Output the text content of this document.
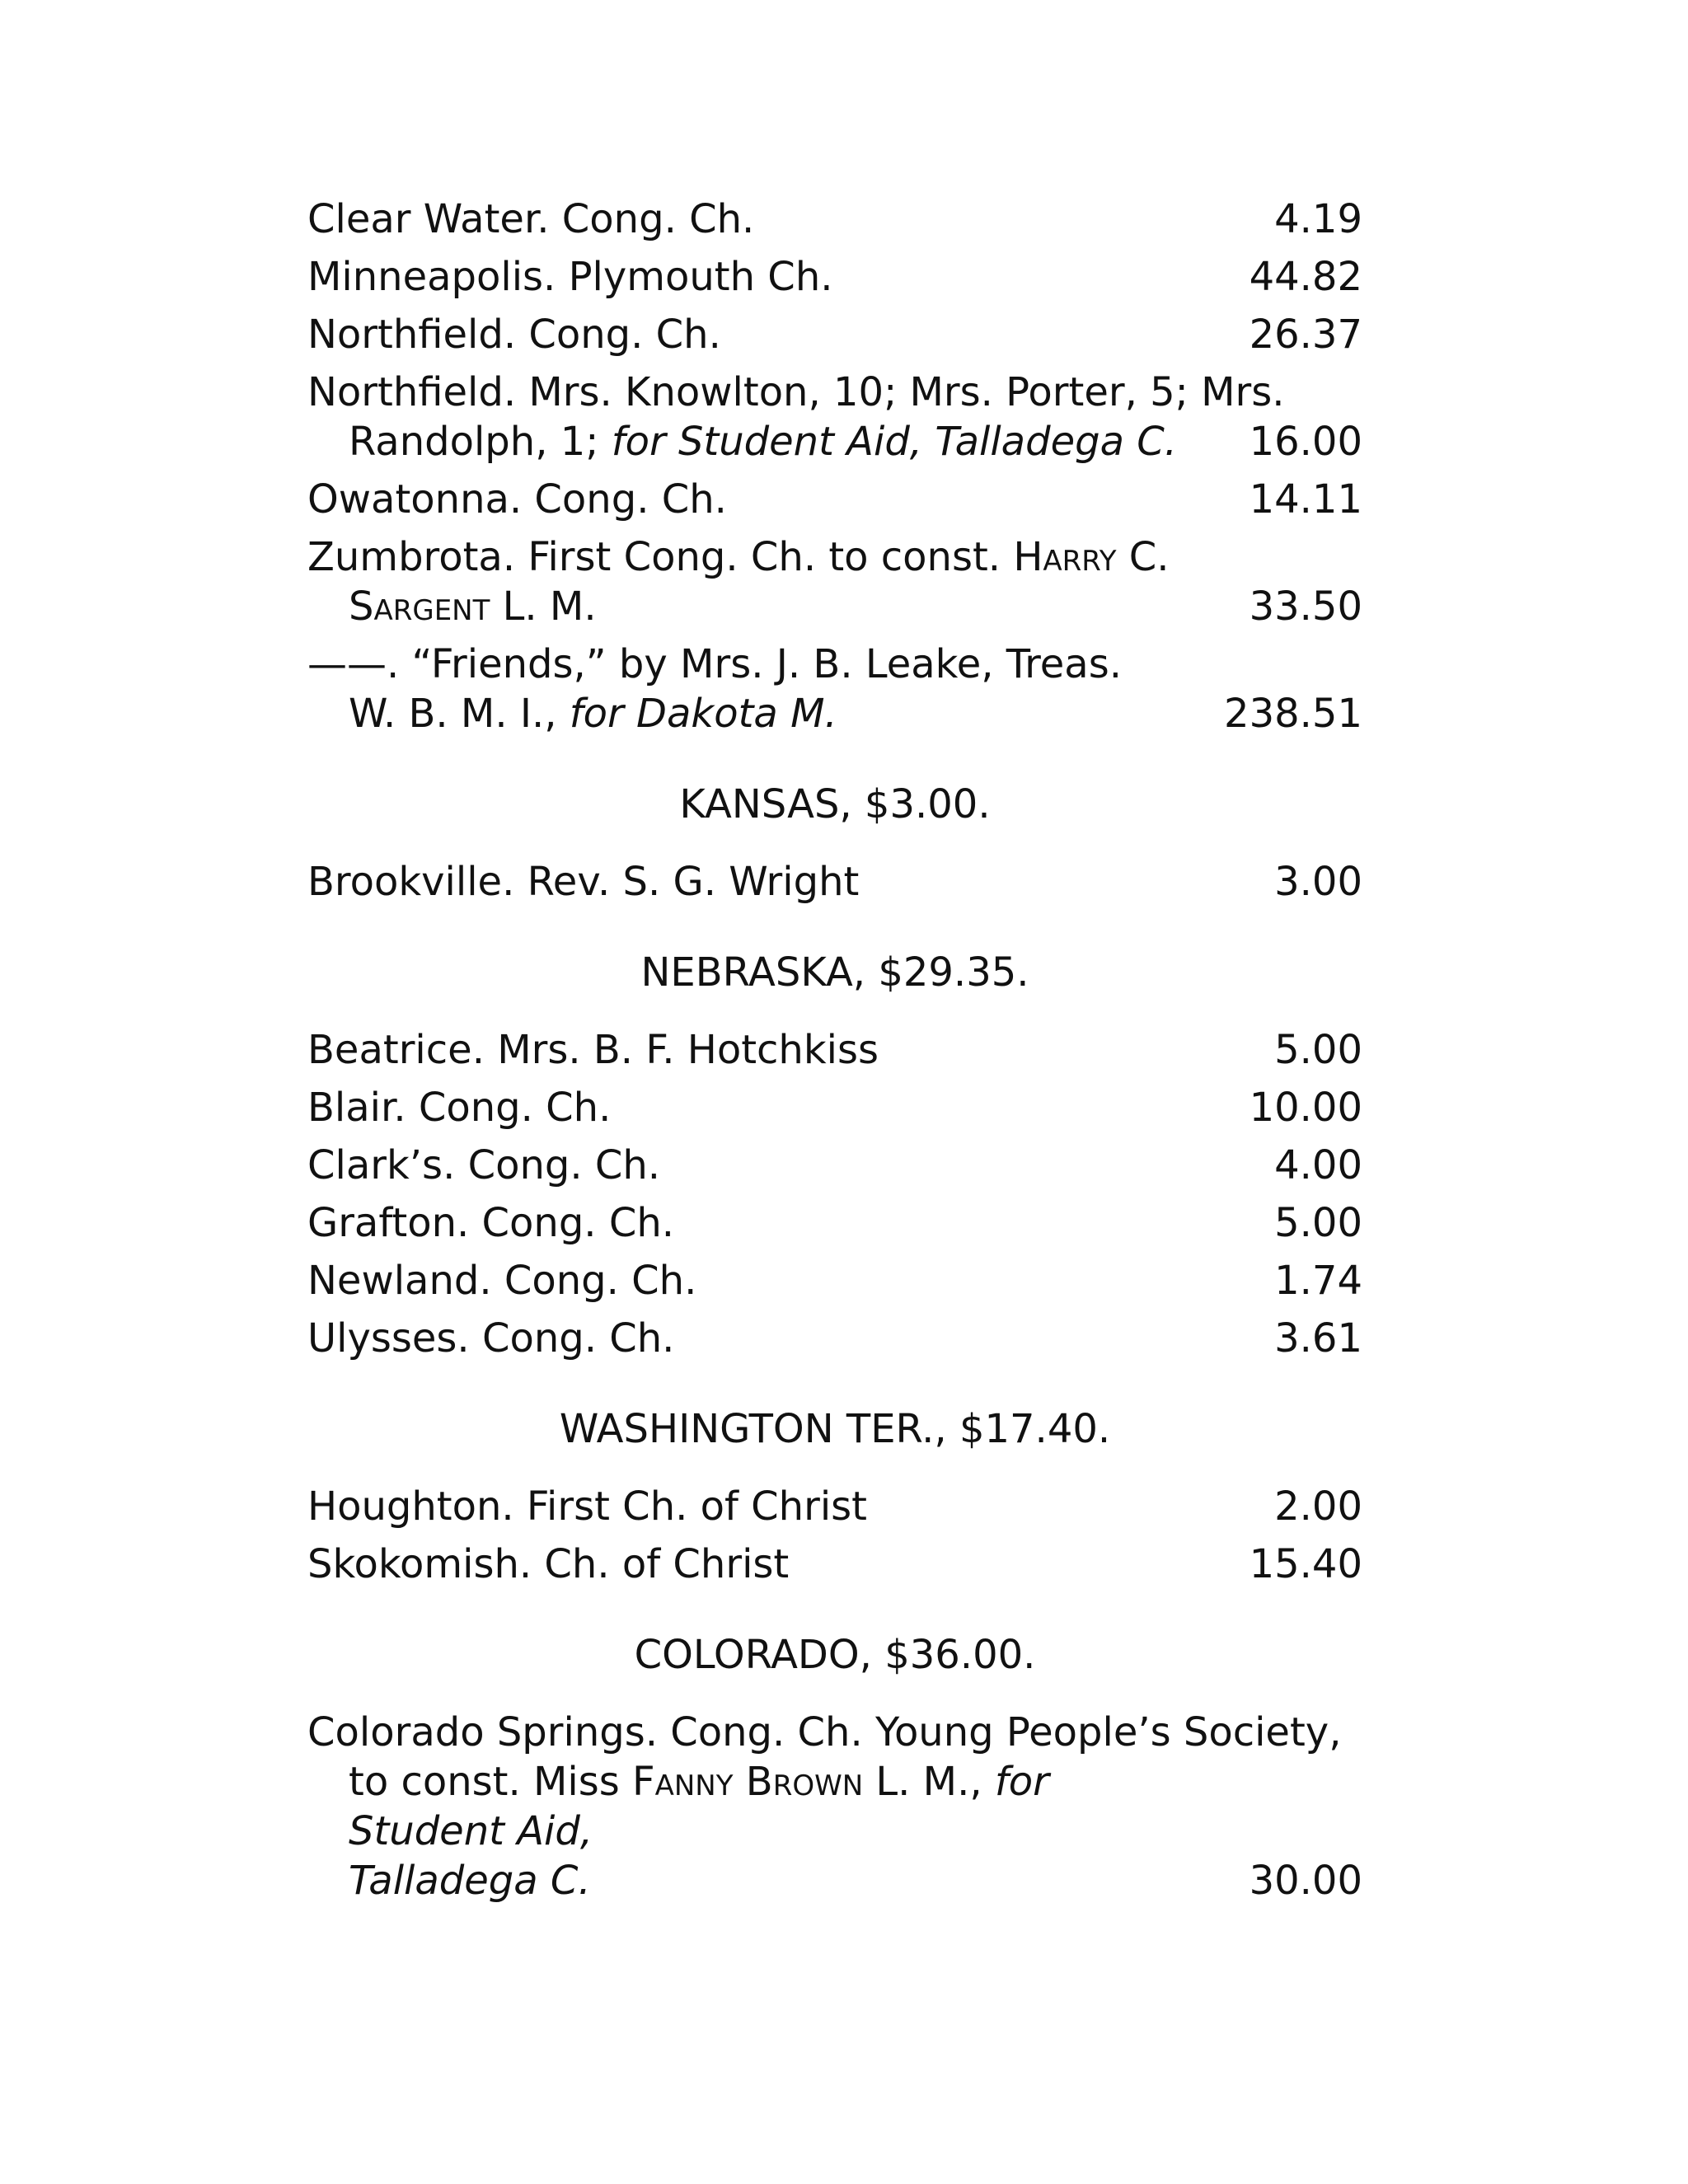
Clear Water. Cong. Ch.	4.19
Minneapolis. Plymouth Ch.	44.82
Northfield. Cong. Ch.	26.37
Northfield. Mrs. Knowlton, 10; Mrs. Porter, 5; Mrs.
Randolph, 1; for Student Aid, Talladega C.	16.00
Owatonna. Cong. Ch.	14.11
Zumbrota. First Cong. Ch. to const. Harry C.
Sargent L. M.	33.50
——. “Friends,” by Mrs. J. B. Leake, Treas.
W. B. M. I., for Dakota M.	238.51
KANSAS, $3.00.
Brookville. Rev. S. G. Wright	3.00
NEBRASKA, $29.35.
Beatrice. Mrs. B. F. Hotchkiss	5.00
Blair. Cong. Ch.	10.00
Clark’s. Cong. Ch.	4.00
Grafton. Cong. Ch.	5.00
Newland. Cong. Ch.	1.74
Ulysses. Cong. Ch.	3.61
WASHINGTON TER., $17.40.
Houghton. First Ch. of Christ	2.00
Skokomish. Ch. of Christ	15.40
COLORADO, $36.00.
Colorado Springs. Cong. Ch. Young People’s Society,
to const. Miss Fanny Brown L. M., for Student Aid,
Talladega C.	30.00
